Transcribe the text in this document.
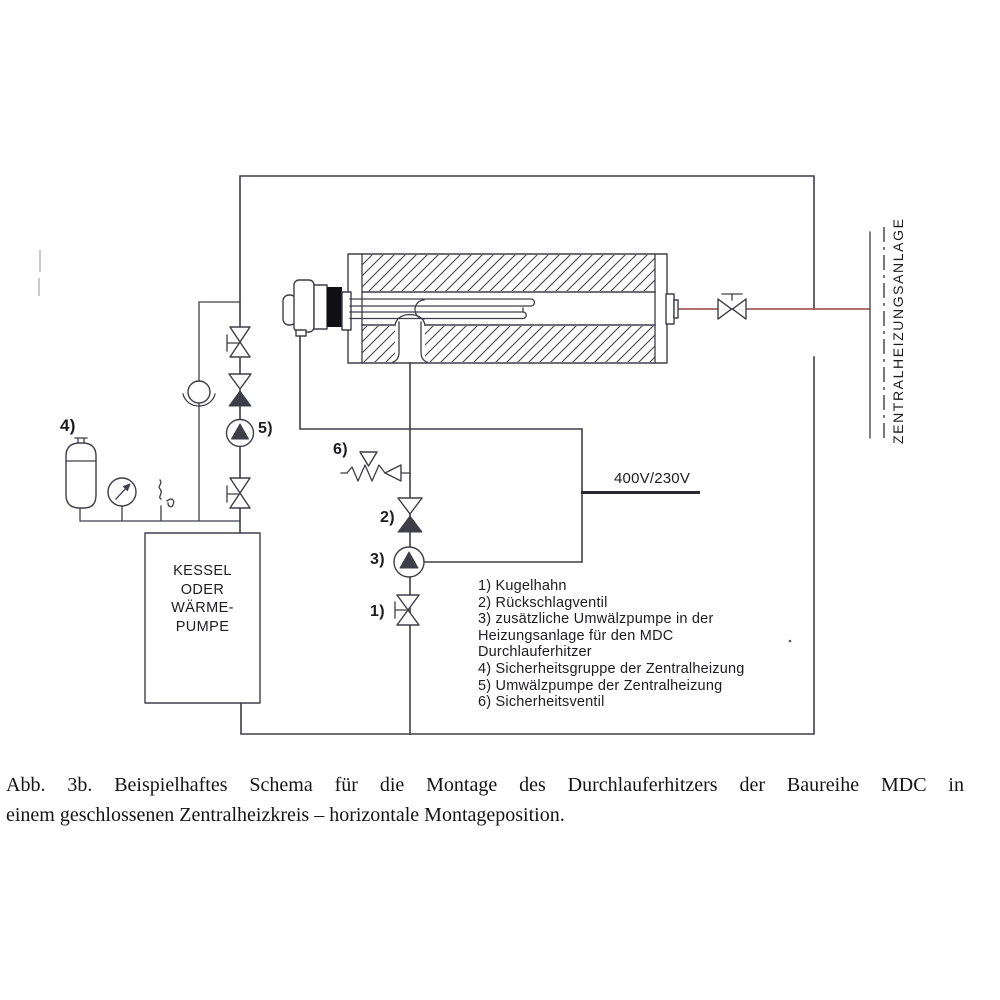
4)	5)
6)
2)
3)
1)
400V/230V
KESSEL
ODER
WÄRME-
PUMPE
ZENTRALHEIZUNGSANLAGE
1) Kugelhahn
2) Rückschlagventil
3) zusätzliche Umwälzpumpe in der
Heizungsanlage für den MDC
Durchlauferhitzer
4) Sicherheitsgruppe der Zentralheizung
5) Umwälzpumpe der Zentralheizung
6) Sicherheitsventil
Abb. 3b. Beispielhaftes Schema für die Montage des Durchlauferhitzers der Baureihe MDC in
einem geschlossenen Zentralheizkreis – horizontale Montageposition.
